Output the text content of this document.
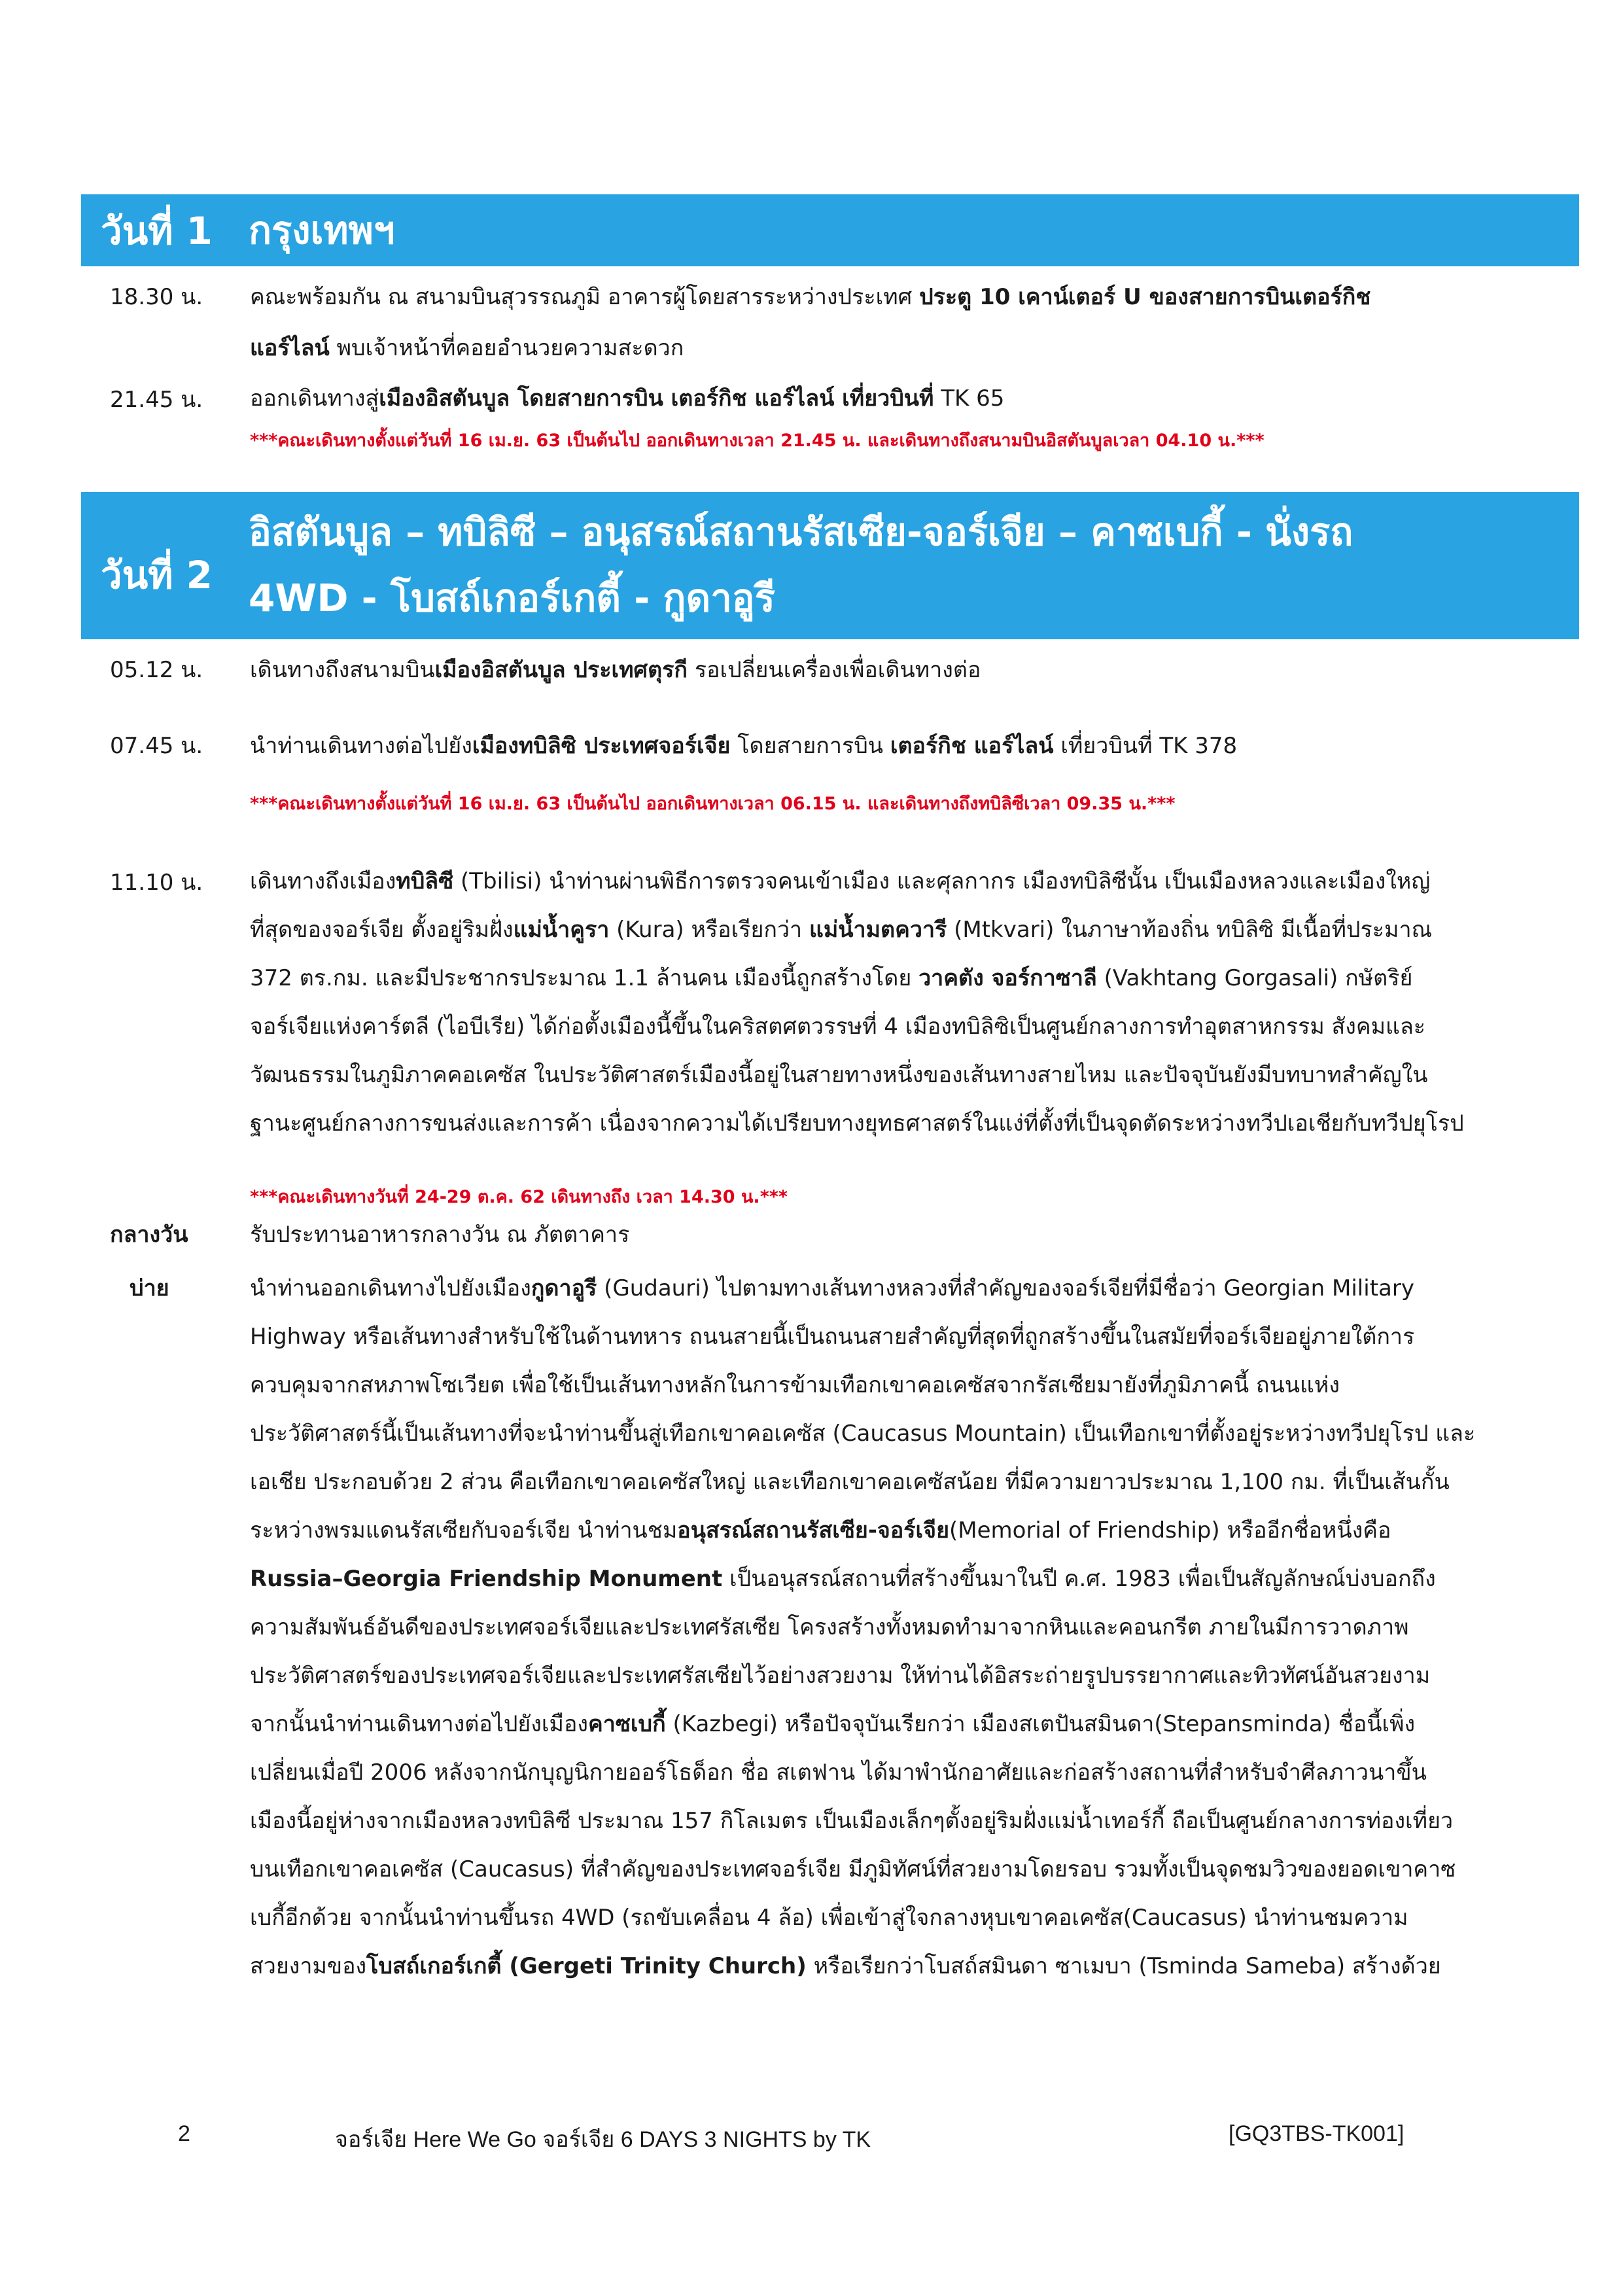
วันที่ 1 กรุงเทพฯ
18.30 น. คณะพร้อมกัน ณ สนามบินสุวรรณภูมิ อาคารผู้โดยสารระหว่างประเทศ ประตู 10 เคาน์เตอร์ U ของสายการบินเตอร์กิช
แอร์ไลน์ พบเจ้าหน้าที่คอยอำนวยความสะดวก
21.45 น. ออกเดินทางสู่เมืองอิสตันบูล โดยสายการบิน เตอร์กิช แอร์ไลน์ เที่ยวบินที่ TK 65
***คณะเดินทางตั้งแต่วันที่ 16 เม.ย. 63 เป็นต้นไป ออกเดินทางเวลา 21.45 น. และเดินทางถึงสนามบินอิสตันบูลเวลา 04.10 น.***
วันที่ 2
อิสตันบูล – ทบิลิซี – อนุสรณ์สถานรัสเซีย-จอร์เจีย – คาซเบกี้ - นั่งรถ
4WD - โบสถ์เกอร์เกตี้ - กูดาอูรี
05.12 น. เดินทางถึงสนามบินเมืองอิสตันบูล ประเทศตุรกี รอเปลี่ยนเครื่องเพื่อเดินทางต่อ
07.45 น. นำท่านเดินทางต่อไปยังเมืองทบิลิซิ ประเทศจอร์เจีย โดยสายการบิน เตอร์กิช แอร์ไลน์ เที่ยวบินที่ TK 378
***คณะเดินทางตั้งแต่วันที่ 16 เม.ย. 63 เป็นต้นไป ออกเดินทางเวลา 06.15 น. และเดินทางถึงทบิลิซีเวลา 09.35 น.***
11.10 น. เดินทางถึงเมืองทบิลิซี (Tbilisi) นำท่านผ่านพิธีการตรวจคนเข้าเมือง และศุลกากร เมืองทบิลิซีนั้น เป็นเมืองหลวงและเมืองใหญ่
ที่สุดของจอร์เจีย ตั้งอยู่ริมฝั่งแม่น้ำคูรา (Kura) หรือเรียกว่า แม่น้ำมตควารี (Mtkvari) ในภาษาท้องถิ่น ทบิลิซิ มีเนื้อที่ประมาณ
372 ตร.กม. และมีประชากรประมาณ 1.1 ล้านคน เมืองนี้ถูกสร้างโดย วาคตัง จอร์กาซาลี (Vakhtang Gorgasali) กษัตริย์
จอร์เจียแห่งคาร์ตลี (ไอบีเรีย) ได้ก่อตั้งเมืองนี้ขึ้นในคริสตศตวรรษที่ 4 เมืองทบิลิซิเป็นศูนย์กลางการทำอุตสาหกรรม สังคมและ
วัฒนธรรมในภูมิภาคคอเคซัส ในประวัติศาสตร์เมืองนี้อยู่ในสายทางหนึ่งของเส้นทางสายไหม และปัจจุบันยังมีบทบาทสำคัญใน
ฐานะศูนย์กลางการขนส่งและการค้า เนื่องจากความได้เปรียบทางยุทธศาสตร์ในแง่ที่ตั้งที่เป็นจุดตัดระหว่างทวีปเอเชียกับทวีปยุโรป
***คณะเดินทางวันที่ 24-29 ต.ค. 62 เดินทางถึง เวลา 14.30 น.***
กลางวัน	รับประทานอาหารกลางวัน ณ ภัตตาคาร
บ่าย	นำท่านออกเดินทางไปยังเมืองกูดาอูรี (Gudauri) ไปตามทางเส้นทางหลวงที่สำคัญของจอร์เจียที่มีชื่อว่า Georgian Military
Highway หรือเส้นทางสำหรับใช้ในด้านทหาร ถนนสายนี้เป็นถนนสายสำคัญที่สุดที่ถูกสร้างขึ้นในสมัยที่จอร์เจียอยู่ภายใต้การ
ควบคุมจากสหภาพโซเวียต เพื่อใช้เป็นเส้นทางหลักในการข้ามเทือกเขาคอเคซัสจากรัสเซียมายังที่ภูมิภาคนี้ ถนนแห่ง
ประวัติศาสตร์นี้เป็นเส้นทางที่จะนำท่านขึ้นสู่เทือกเขาคอเคซัส (Caucasus Mountain) เป็นเทือกเขาที่ตั้งอยู่ระหว่างทวีปยุโรป และ
เอเชีย ประกอบด้วย 2 ส่วน คือเทือกเขาคอเคซัสใหญ่ และเทือกเขาคอเคซัสน้อย ที่มีความยาวประมาณ 1,100 กม. ที่เป็นเส้นกั้น
ระหว่างพรมแดนรัสเซียกับจอร์เจีย นำท่านชมอนุสรณ์สถานรัสเซีย-จอร์เจีย(Memorial of Friendship) หรืออีกชื่อหนึ่งคือ
Russia–Georgia Friendship Monument เป็นอนุสรณ์สถานที่สร้างขึ้นมาในปี ค.ศ. 1983 เพื่อเป็นสัญลักษณ์บ่งบอกถึง
ความสัมพันธ์อันดีของประเทศจอร์เจียและประเทศรัสเซีย โครงสร้างทั้งหมดทำมาจากหินและคอนกรีต ภายในมีการวาดภาพ
ประวัติศาสตร์ของประเทศจอร์เจียและประเทศรัสเซียไว้อย่างสวยงาม ให้ท่านได้อิสระถ่ายรูปบรรยากาศและทิวทัศน์อันสวยงาม
จากนั้นนำท่านเดินทางต่อไปยังเมืองคาซเบกี้ (Kazbegi) หรือปัจจุบันเรียกว่า เมืองสเตปันสมินดา(Stepansminda) ชื่อนี้เพิ่ง
เปลี่ยนเมื่อปี 2006 หลังจากนักบุญนิกายออร์โธด็อก ชื่อ สเตฟาน ได้มาพำนักอาศัยและก่อสร้างสถานที่สำหรับจำศีลภาวนาขึ้น
เมืองนี้อยู่ห่างจากเมืองหลวงทบิลิซี ประมาณ 157 กิโลเมตร เป็นเมืองเล็กๆตั้งอยู่ริมฝั่งแม่น้ำเทอร์กี้ ถือเป็นศูนย์กลางการท่องเที่ยว
บนเทือกเขาคอเคซัส (Caucasus) ที่สำคัญของประเทศจอร์เจีย มีภูมิทัศน์ที่สวยงามโดยรอบ รวมทั้งเป็นจุดชมวิวของยอดเขาคาซ
เบกี้อีกด้วย จากนั้นนำท่านขึ้นรถ 4WD (รถขับเคลื่อน 4 ล้อ) เพื่อเข้าสู่ใจกลางหุบเขาคอเคซัส(Caucasus) นำท่านชมความ
สวยงามของโบสถ์เกอร์เกตี้ (Gergeti Trinity Church) หรือเรียกว่าโบสถ์สมินดา ซาเมบา (Tsminda Sameba) สร้างด้วย
2	จอร์เจีย Here We Go จอร์เจีย 6 DAYS 3 NIGHTS by TK	[GQ3TBS-TK001]
